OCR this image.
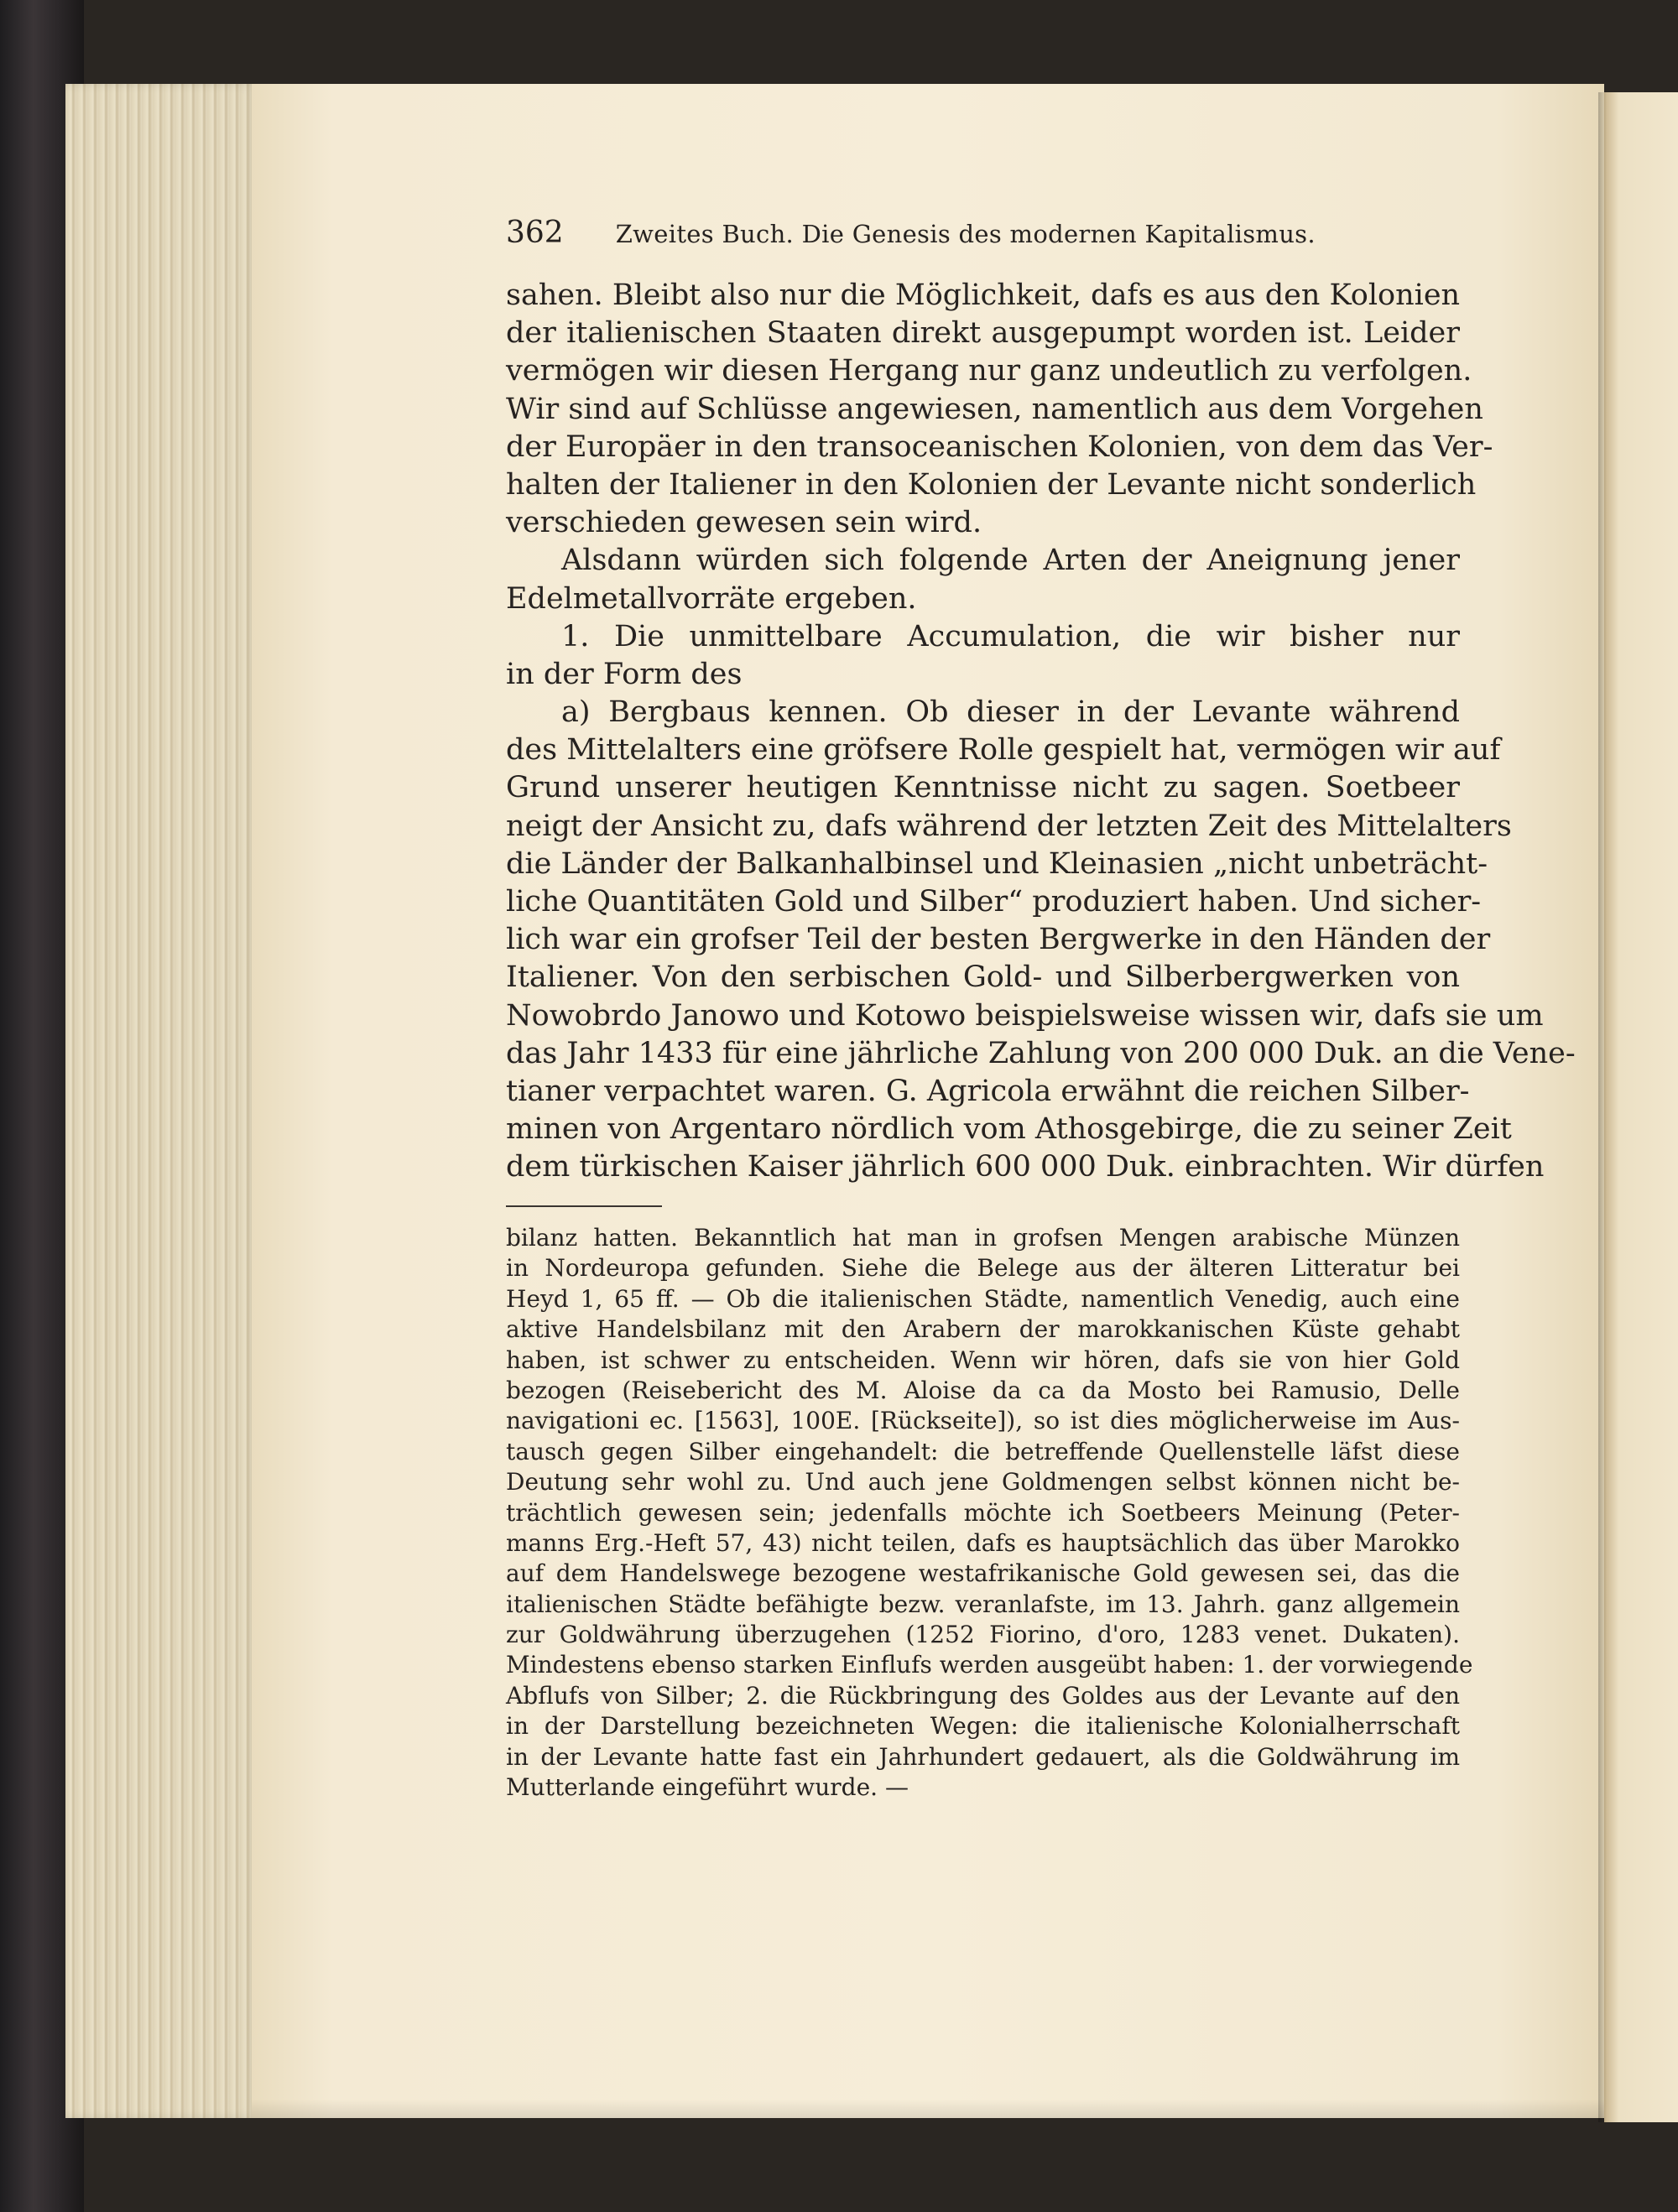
362 Zweites Buch. Die Genesis des modernen Kapitalismus.
sahen. Bleibt also nur die Möglichkeit, dafs es aus den Kolonien
der italienischen Staaten direkt ausgepumpt worden ist. Leider
vermögen wir diesen Hergang nur ganz undeutlich zu verfolgen.
Wir sind auf Schlüsse angewiesen, namentlich aus dem Vorgehen
der Europäer in den transoceanischen Kolonien, von dem das Ver-
halten der Italiener in den Kolonien der Levante nicht sonderlich
verschieden gewesen sein wird.
Alsdann würden sich folgende Arten der Aneignung jener
Edelmetallvorräte ergeben.
1. Die unmittelbare Accumulation, die wir bisher nur
in der Form des
a) Bergbaus kennen. Ob dieser in der Levante während
des Mittelalters eine gröfsere Rolle gespielt hat, vermögen wir auf
Grund unserer heutigen Kenntnisse nicht zu sagen. Soetbeer
neigt der Ansicht zu, dafs während der letzten Zeit des Mittelalters
die Länder der Balkanhalbinsel und Kleinasien „nicht unbeträcht-
liche Quantitäten Gold und Silber“ produziert haben. Und sicher-
lich war ein grofser Teil der besten Bergwerke in den Händen der
Italiener. Von den serbischen Gold- und Silberbergwerken von
Nowobrdo Janowo und Kotowo beispielsweise wissen wir, dafs sie um
das Jahr 1433 für eine jährliche Zahlung von 200 000 Duk. an die Vene-
tianer verpachtet waren. G. Agricola erwähnt die reichen Silber-
minen von Argentaro nördlich vom Athosgebirge, die zu seiner Zeit
dem türkischen Kaiser jährlich 600 000 Duk. einbrachten. Wir dürfen
bilanz hatten. Bekanntlich hat man in grofsen Mengen arabische Münzen
in Nordeuropa gefunden. Siehe die Belege aus der älteren Litteratur bei
Heyd 1, 65 ff. — Ob die italienischen Städte, namentlich Venedig, auch eine
aktive Handelsbilanz mit den Arabern der marokkanischen Küste gehabt
haben, ist schwer zu entscheiden. Wenn wir hören, dafs sie von hier Gold
bezogen (Reisebericht des M. Aloise da ca da Mosto bei Ramusio, Delle
navigationi ec. [1563], 100E. [Rückseite]), so ist dies möglicherweise im Aus-
tausch gegen Silber eingehandelt: die betreffende Quellenstelle läfst diese
Deutung sehr wohl zu. Und auch jene Goldmengen selbst können nicht be-
trächtlich gewesen sein; jedenfalls möchte ich Soetbeers Meinung (Peter-
manns Erg.-Heft 57, 43) nicht teilen, dafs es hauptsächlich das über Marokko
auf dem Handelswege bezogene westafrikanische Gold gewesen sei, das die
italienischen Städte befähigte bezw. veranlafste, im 13. Jahrh. ganz allgemein
zur Goldwährung überzugehen (1252 Fiorino, d'oro, 1283 venet. Dukaten).
Mindestens ebenso starken Einflufs werden ausgeübt haben: 1. der vorwiegende
Abflufs von Silber; 2. die Rückbringung des Goldes aus der Levante auf den
in der Darstellung bezeichneten Wegen: die italienische Kolonialherrschaft
in der Levante hatte fast ein Jahrhundert gedauert, als die Goldwährung im
Mutterlande eingeführt wurde. —
